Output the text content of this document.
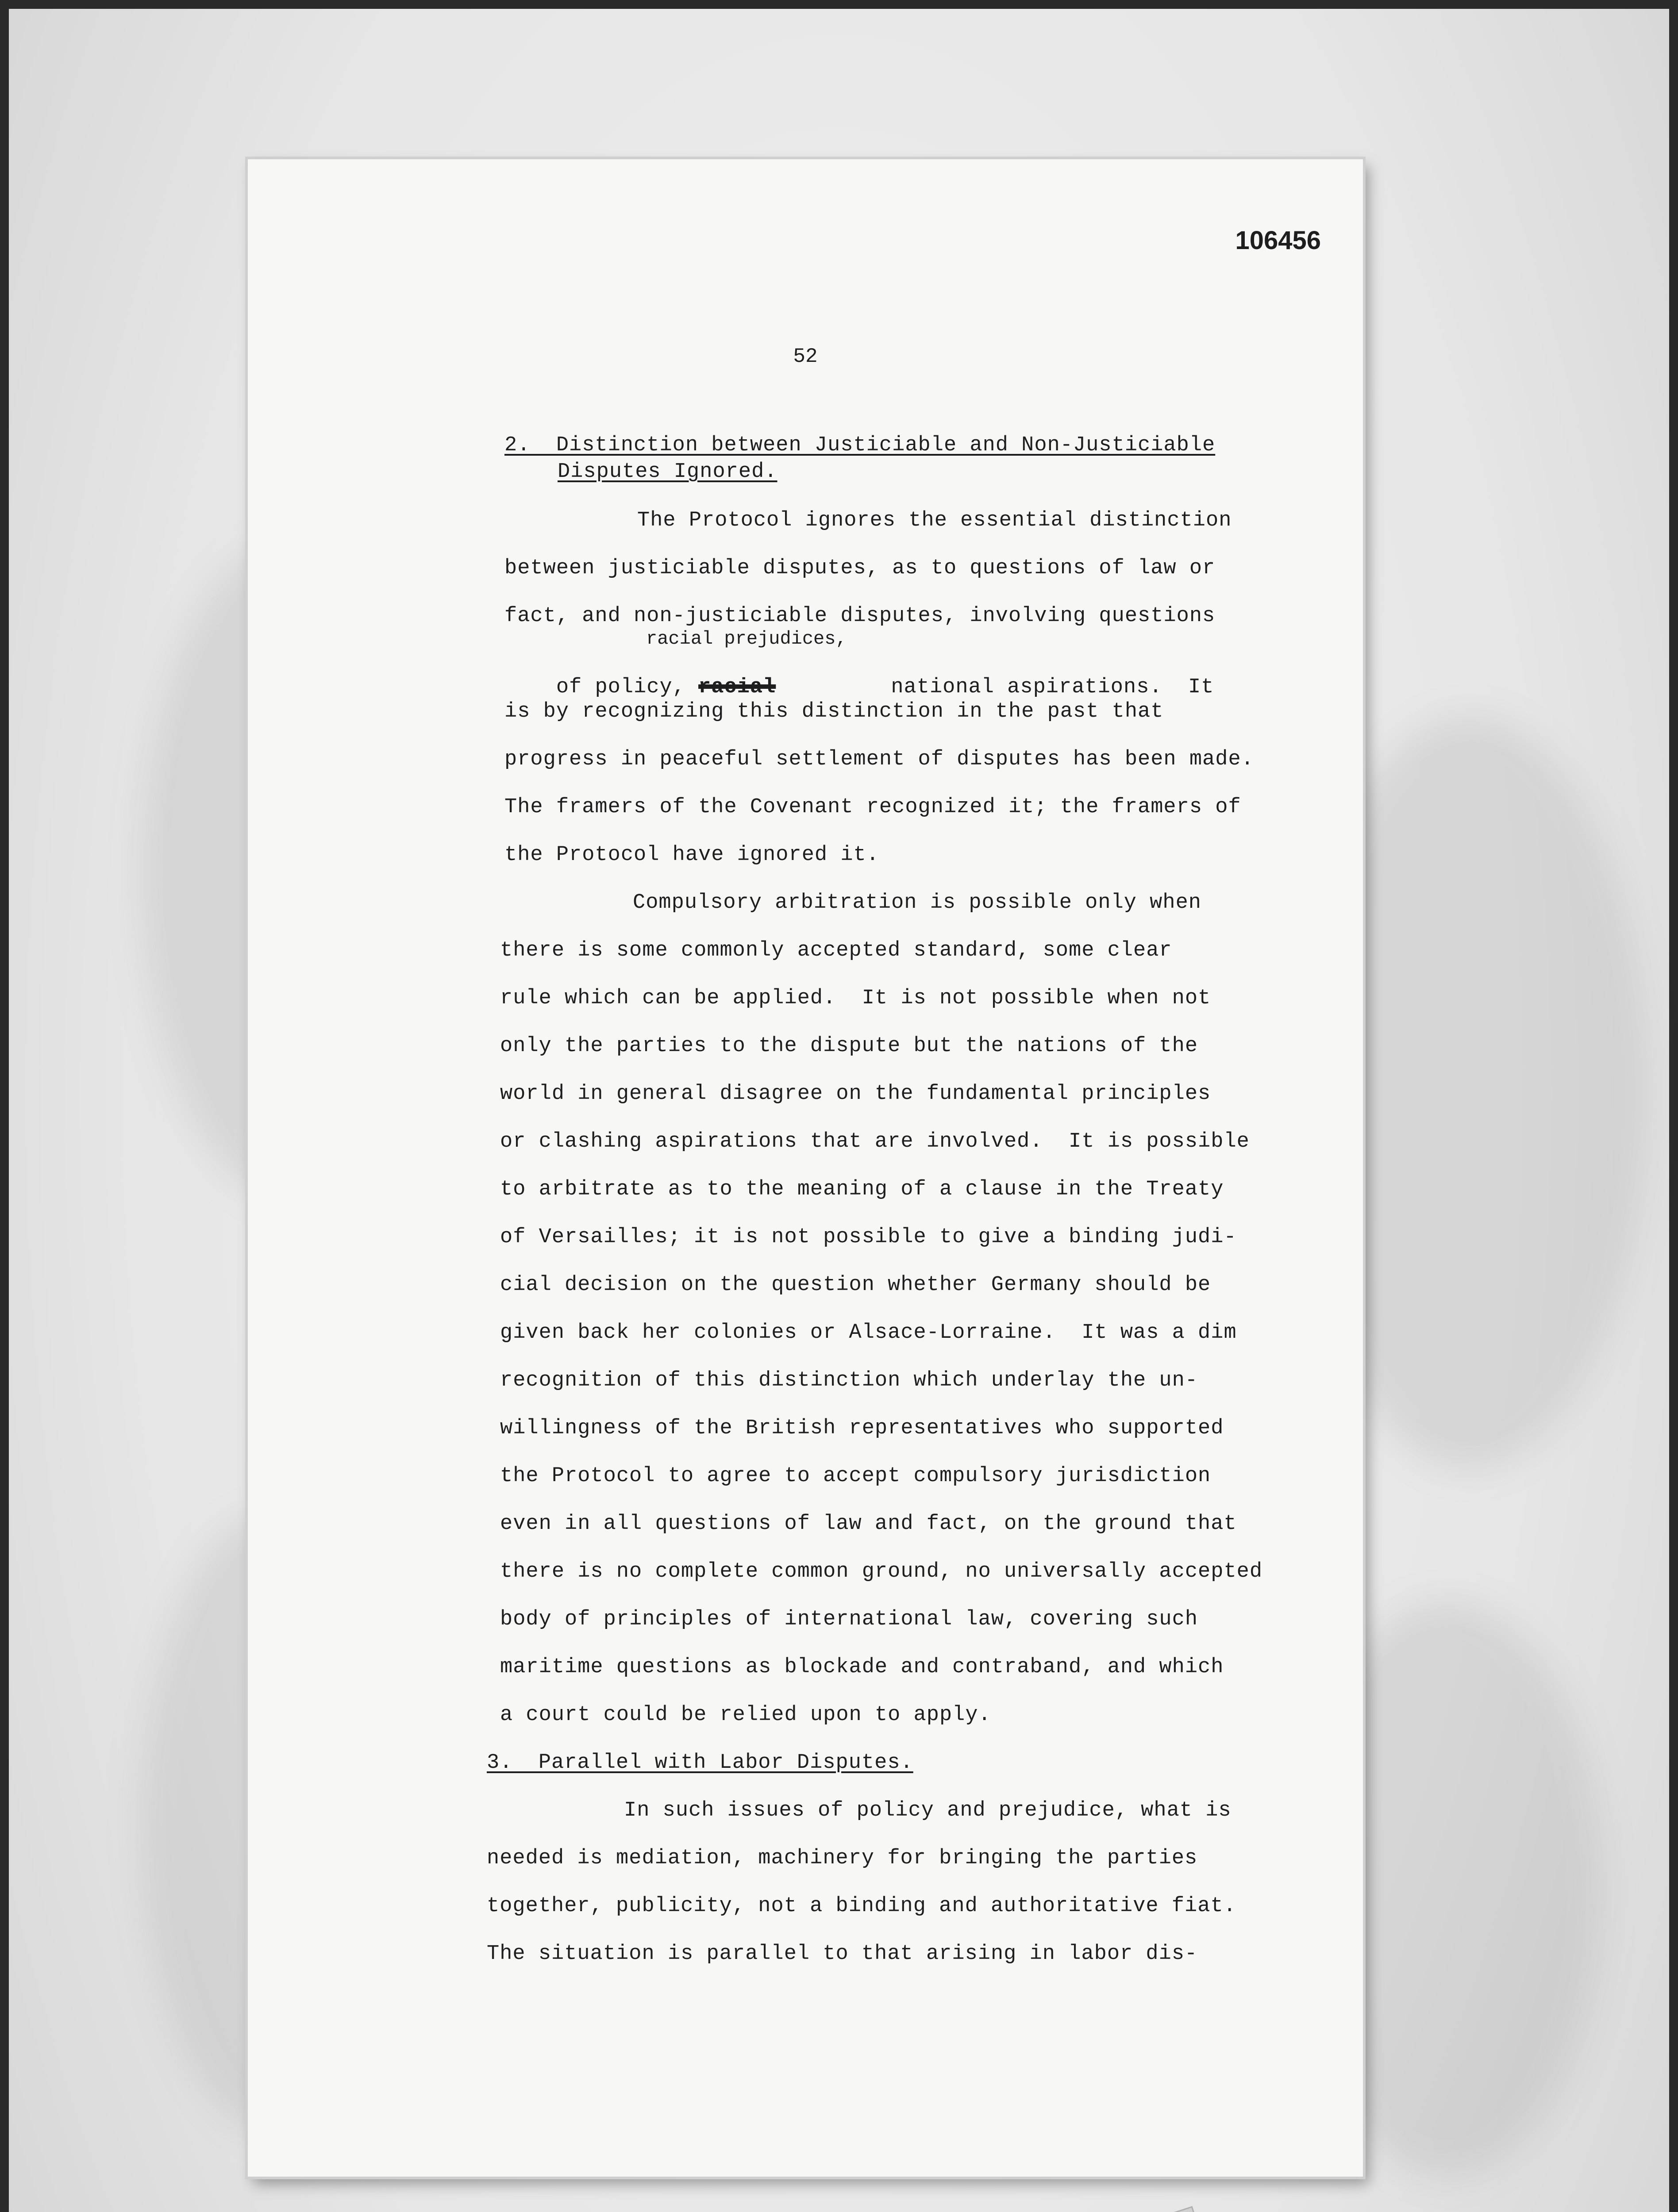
106456
52
2.  Distinction between Justiciable and Non-Justiciable
Disputes Ignored.
The Protocol ignores the essential distinction
between justiciable disputes, as to questions of law or
fact, and non-justiciable disputes, involving questions
racial prejudices,

of policy, racial	national aspirations.  It

is by recognizing this distinction in the past that
progress in peaceful settlement of disputes has been made.
The framers of the Covenant recognized it; the framers of
the Protocol have ignored it.
Compulsory arbitration is possible only when
there is some commonly accepted standard, some clear
rule which can be applied.  It is not possible when not
only the parties to the dispute but the nations of the
world in general disagree on the fundamental principles
or clashing aspirations that are involved.  It is possible
to arbitrate as to the meaning of a clause in the Treaty
of Versailles; it is not possible to give a binding judi-
cial decision on the question whether Germany should be
given back her colonies or Alsace-Lorraine.  It was a dim
recognition of this distinction which underlay the un-
willingness of the British representatives who supported
the Protocol to agree to accept compulsory jurisdiction
even in all questions of law and fact, on the ground that
there is no complete common ground, no universally accepted
body of principles of international law, covering such
maritime questions as blockade and contraband, and which
a court could be relied upon to apply.
3.  Parallel with Labor Disputes.
In such issues of policy and prejudice, what is
needed is mediation, machinery for bringing the parties
together, publicity, not a binding and authoritative fiat.
The situation is parallel to that arising in labor dis-
